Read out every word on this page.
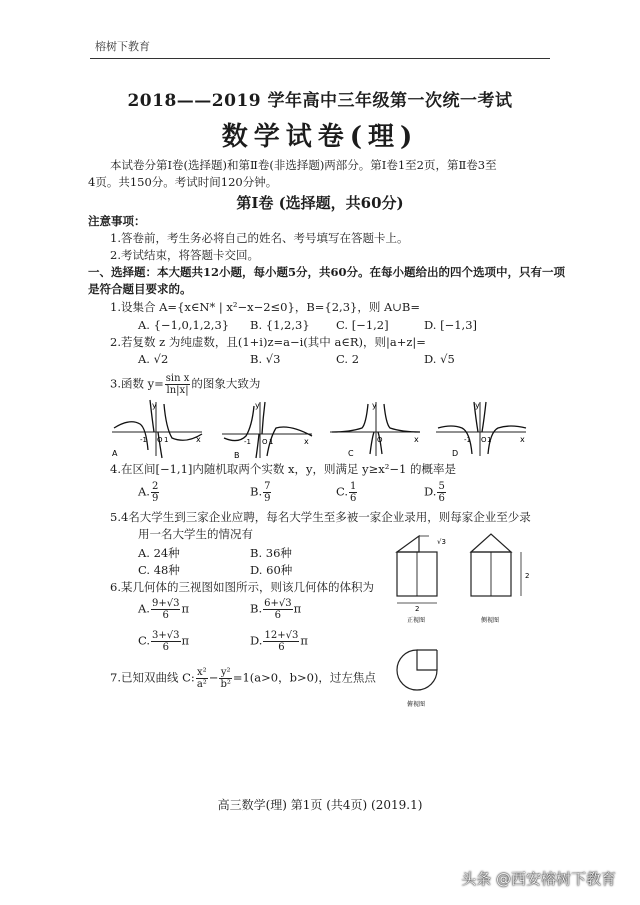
榕树下教育
2018——2019 学年高中三年级第一次统一考试
数学试卷(理)
本试卷分第Ⅰ卷(选择题)和第Ⅱ卷(非选择题)两部分。第Ⅰ卷1至2页，第Ⅱ卷3至
4页。共150分。考试时间120分钟。
第Ⅰ卷 (选择题，共60分)
注意事项：
1.答卷前，考生务必将自己的姓名、考号填写在答题卡上。
2.考试结束，将答题卡交回。
一、选择题：本大题共12小题，每小题5分，共60分。在每小题给出的四个选项中，只有一项
是符合题目要求的。
1.设集合 A={x∈N* | x²−x−2≤0}，B={2,3}，则 A∪B=
A. {−1,0,1,2,3} B. {1,2,3} C. [−1,2]	D. [−1,3]
2.若复数 z 为纯虚数，且(1+i)z=a−i(其中 a∈R)，则|a+z|=
A. √2	B. √3	C. 2	D. √5
3.函数 $y= \frac{\text{sin x}}{\ln|x|}$ 的图象大致为
y
-1 O 1	x
A
y
-1 O 1	x
B
y
O	x
C
y
-1 O 1	x
D
4.在区间[−1,1]内随机取两个实数 x，y，则满足 y≥x²−1 的概率是
A. $\frac{2}{9}$	B. $\frac{7}{9}$	C. $\frac{1}{6}$	D. $\frac{5}{6}$
5.4名大学生到三家企业应聘，每名大学生至多被一家企业录用，则每家企业至少录
用一名大学生的情况有
A. 24种	B. 36种
C. 48种	D. 60种
6.某几何体的三视图如图所示，则该几何体的体积为
A. $\frac{9+√3}{6}$ π	B. $\frac{6+√3}{6}$ π
C. $\frac{3+√3}{6}$ π	D. $\frac{12+√3}{6}$ π
√3
2
正视图
2
侧视图
俯视图
7.已知双曲线 C: $\frac{\text{x²}}{\text{a²}} - \frac{\text{y²}}{\text{b²}} =1(a>0$，b>0)，过左焦点
高三数学(理) 第1页 (共4页) (2019.1)
头条 @西安榕树下教育
